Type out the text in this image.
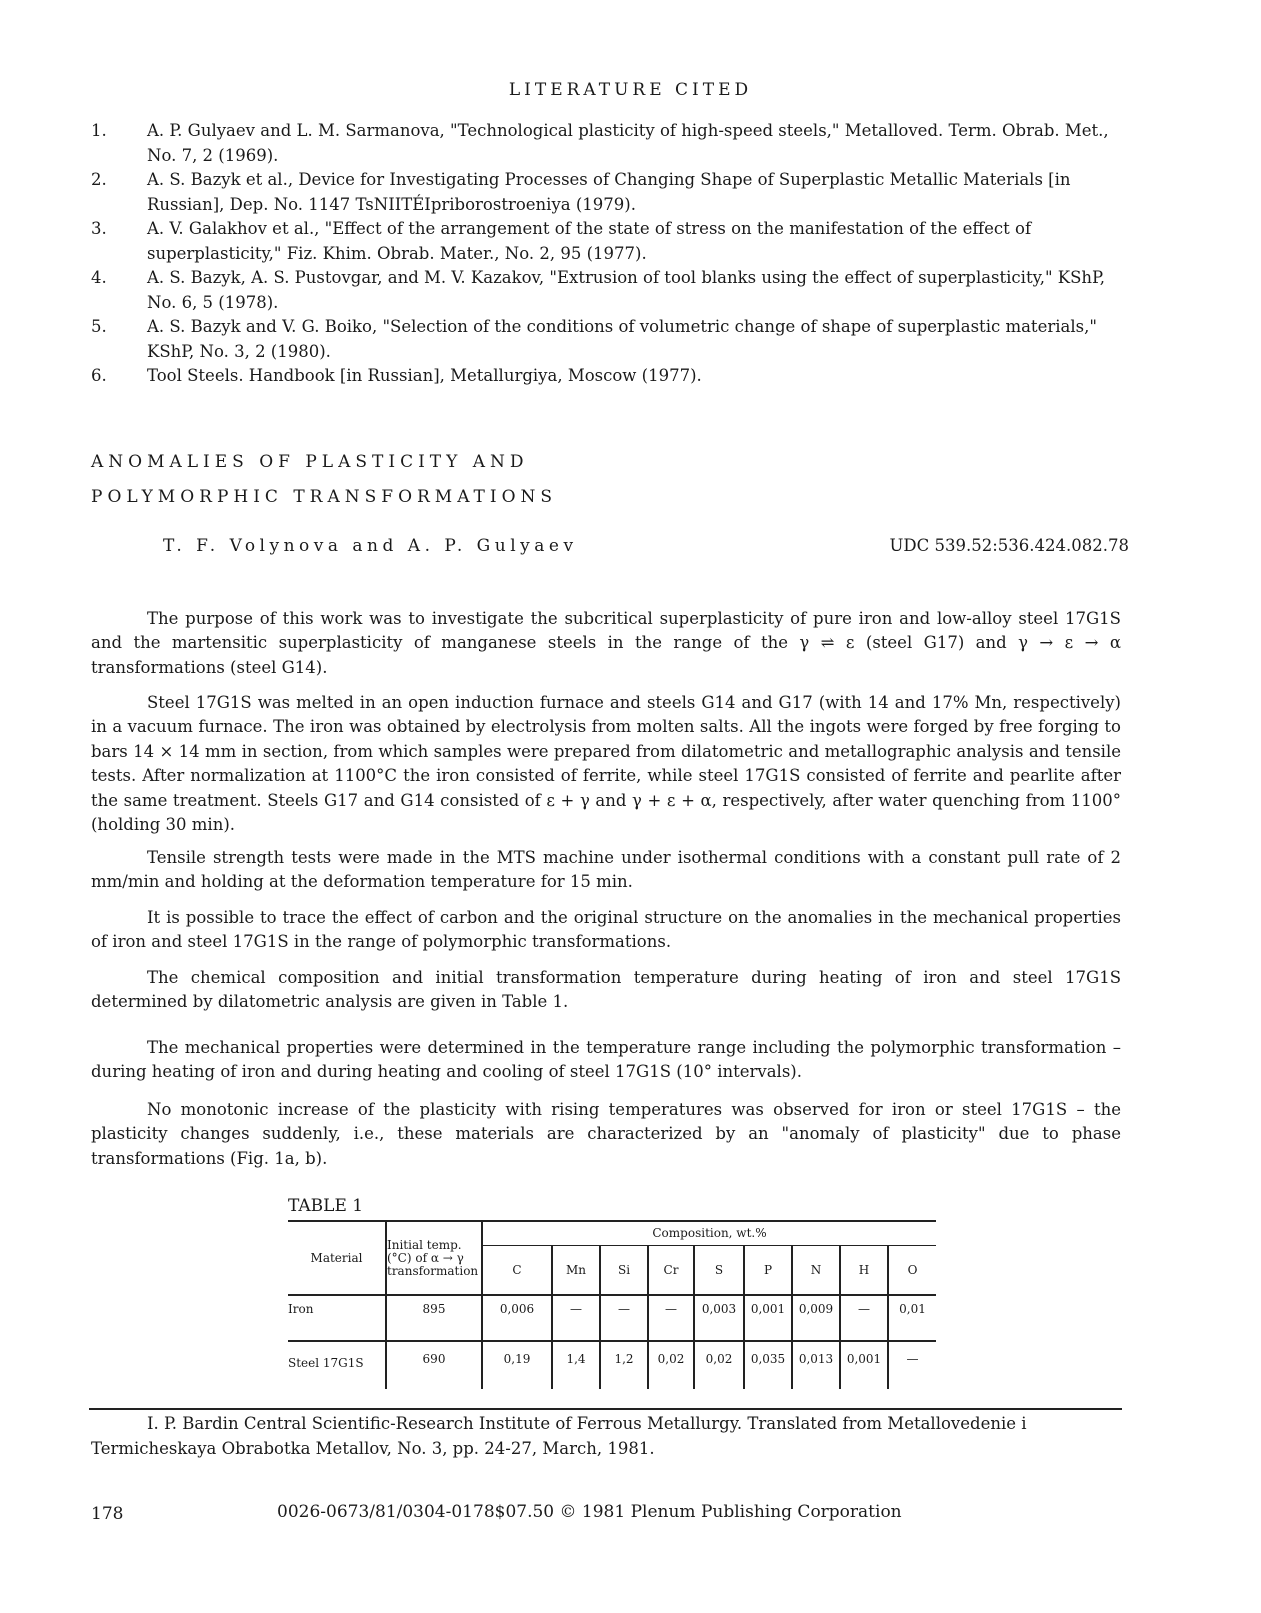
LITERATURE CITED
1. A. P. Gulyaev and L. M. Sarmanova, "Technological plasticity of high-speed steels," Metalloved. Term. Obrab. Met., No. 7, 2 (1969).
2. A. S. Bazyk et al., Device for Investigating Processes of Changing Shape of Superplastic Metallic Materials [in Russian], Dep. No. 1147 TsNIITÉIpriborostroeniya (1979).
3. A. V. Galakhov et al., "Effect of the arrangement of the state of stress on the manifestation of the effect of superplasticity," Fiz. Khim. Obrab. Mater., No. 2, 95 (1977).
4. A. S. Bazyk, A. S. Pustovgar, and M. V. Kazakov, "Extrusion of tool blanks using the effect of superplasticity," KShP, No. 6, 5 (1978).
5. A. S. Bazyk and V. G. Boiko, "Selection of the conditions of volumetric change of shape of superplastic materials," KShP, No. 3, 2 (1980).
6. Tool Steels. Handbook [in Russian], Metallurgiya, Moscow (1977).
ANOMALIES OF PLASTICITY AND
POLYMORPHIC TRANSFORMATIONS
T. F. Volynova and A. P. Gulyaev	UDC 539.52:536.424.082.78

The purpose of this work was to investigate the subcritical superplasticity of pure iron and low-alloy steel 17G1S and the martensitic superplasticity of manganese steels in the range of the γ ⇌ ε (steel G17) and γ → ε → α transformations (steel G14).

Steel 17G1S was melted in an open induction furnace and steels G14 and G17 (with 14 and 17% Mn, respectively) in a vacuum furnace. The iron was obtained by electrolysis from molten salts. All the ingots were forged by free forging to bars 14 × 14 mm in section, from which samples were prepared from dilatometric and metallographic analysis and tensile tests. After normalization at 1100°C the iron consisted of ferrite, while steel 17G1S consisted of ferrite and pearlite after the same treatment. Steels G17 and G14 consisted of ε + γ and γ + ε + α, respectively, after water quenching from 1100° (holding 30 min).

Tensile strength tests were made in the MTS machine under isothermal conditions with a constant pull rate of 2 mm/min and holding at the deformation temperature for 15 min.

It is possible to trace the effect of carbon and the original structure on the anomalies in the mechanical properties of iron and steel 17G1S in the range of polymorphic transformations.

The chemical composition and initial transformation temperature during heating of iron and steel 17G1S determined by dilatometric analysis are given in Table 1.

The mechanical properties were determined in the temperature range including the polymorphic transformation – during heating of iron and during heating and cooling of steel 17G1S (10° intervals).

No monotonic increase of the plasticity with rising temperatures was observed for iron or steel 17G1S – the plasticity changes suddenly, i.e., these materials are characterized by an "anomaly of plasticity" due to phase transformations (Fig. 1a, b).

TABLE 1
Material	Initial temp. (°C) of α → γ transformation	Composition, wt.%								
		C	Mn	Si	Cr	S	P	N	H	O
Iron	895	0,006	—	—	—	0,003	0,001	0,009	—	0,01
Steel 17G1S	690	0,19	1,4	1,2	0,02	0,02	0,035	0,013	0,001	—

I. P. Bardin Central Scientific-Research Institute of Ferrous Metallurgy. Translated from Metallovedenie i Termicheskaya Obrabotka Metallov, No. 3, pp. 24-27, March, 1981.

178	0026-0673/81/0304-0178$07.50 © 1981 Plenum Publishing Corporation
